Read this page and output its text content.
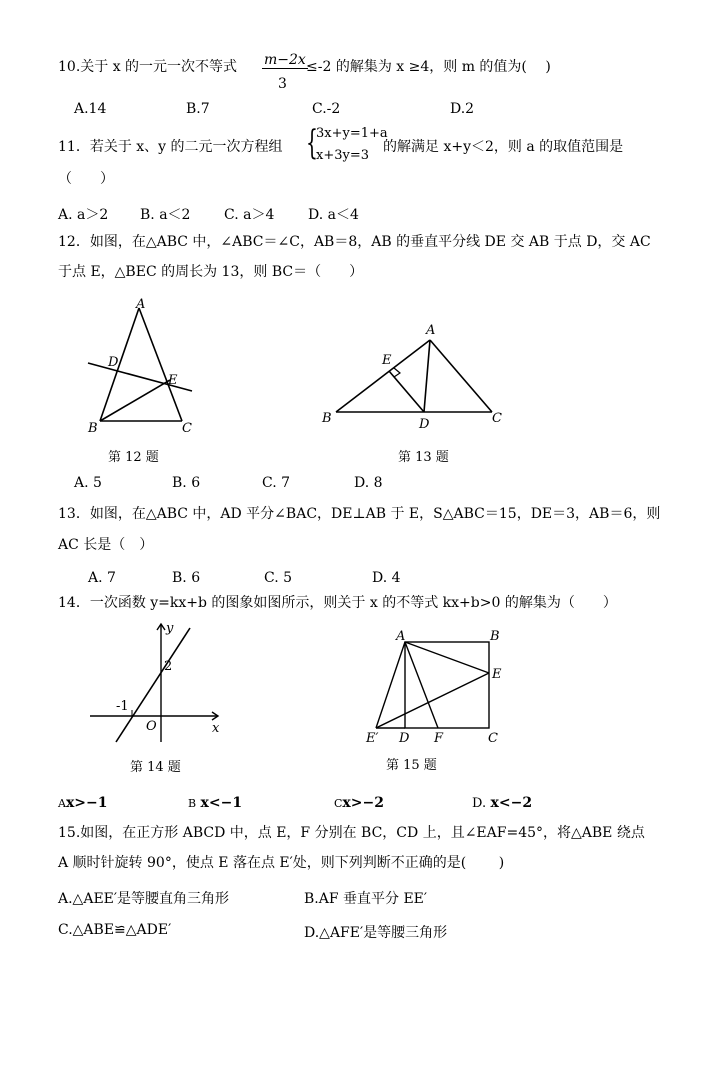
10.关于 x 的一元一次不等式 m−2x
3
≤-2 的解集为 x ≥4，则 m 的值为(　 )
A.14	B.7	C.-2	D.2
11．若关于 x、y 的二元一次方程组 {
3x+y=1+a
x+3y=3
的解满足 x+y＜2，则 a 的取值范围是
（　　）
A. a＞2 B. a＜2 C. a＞4 D. a＜4
12．如图，在△ABC 中，∠ABC＝∠C，AB＝8，AB 的垂直平分线 DE 交 AB 于点 D，交 AC
于点 E，△BEC 的周长为 13，则 BC＝（　　）
A
D
E
B	C
第 12 题
A
E
B	D	C
第 13 题
A. 5	B. 6	C. 7	D. 8
13．如图，在△ABC 中，AD 平分∠BAC，DE⊥AB 于 E，S△ABC＝15，DE＝3，AB＝6，则
AC 长是（　）
A. 7	B. 6	C. 5	D. 4
14．一次函数 y=kx+b 的图象如图所示，则关于 x 的不等式 kx+b>0 的解集为（　　）
y
x
O
2
-1
第 14 题
A	B
E
E′ D F	C
第 15 题
Ax>−1	B x<−1	Cx>−2	D. x<−2
15.如图，在正方形 ABCD 中，点 E，F 分别在 BC，CD 上，且∠EAF=45°，将△ABE 绕点
A 顺时针旋转 90°，使点 E 落在点 E′处，则下列判断不正确的是(　　 )
A.△AEE′是等腰直角三角形	B.AF 垂直平分 EE′
C.△ABE≌△ADE′	D.△AFE′是等腰三角形
